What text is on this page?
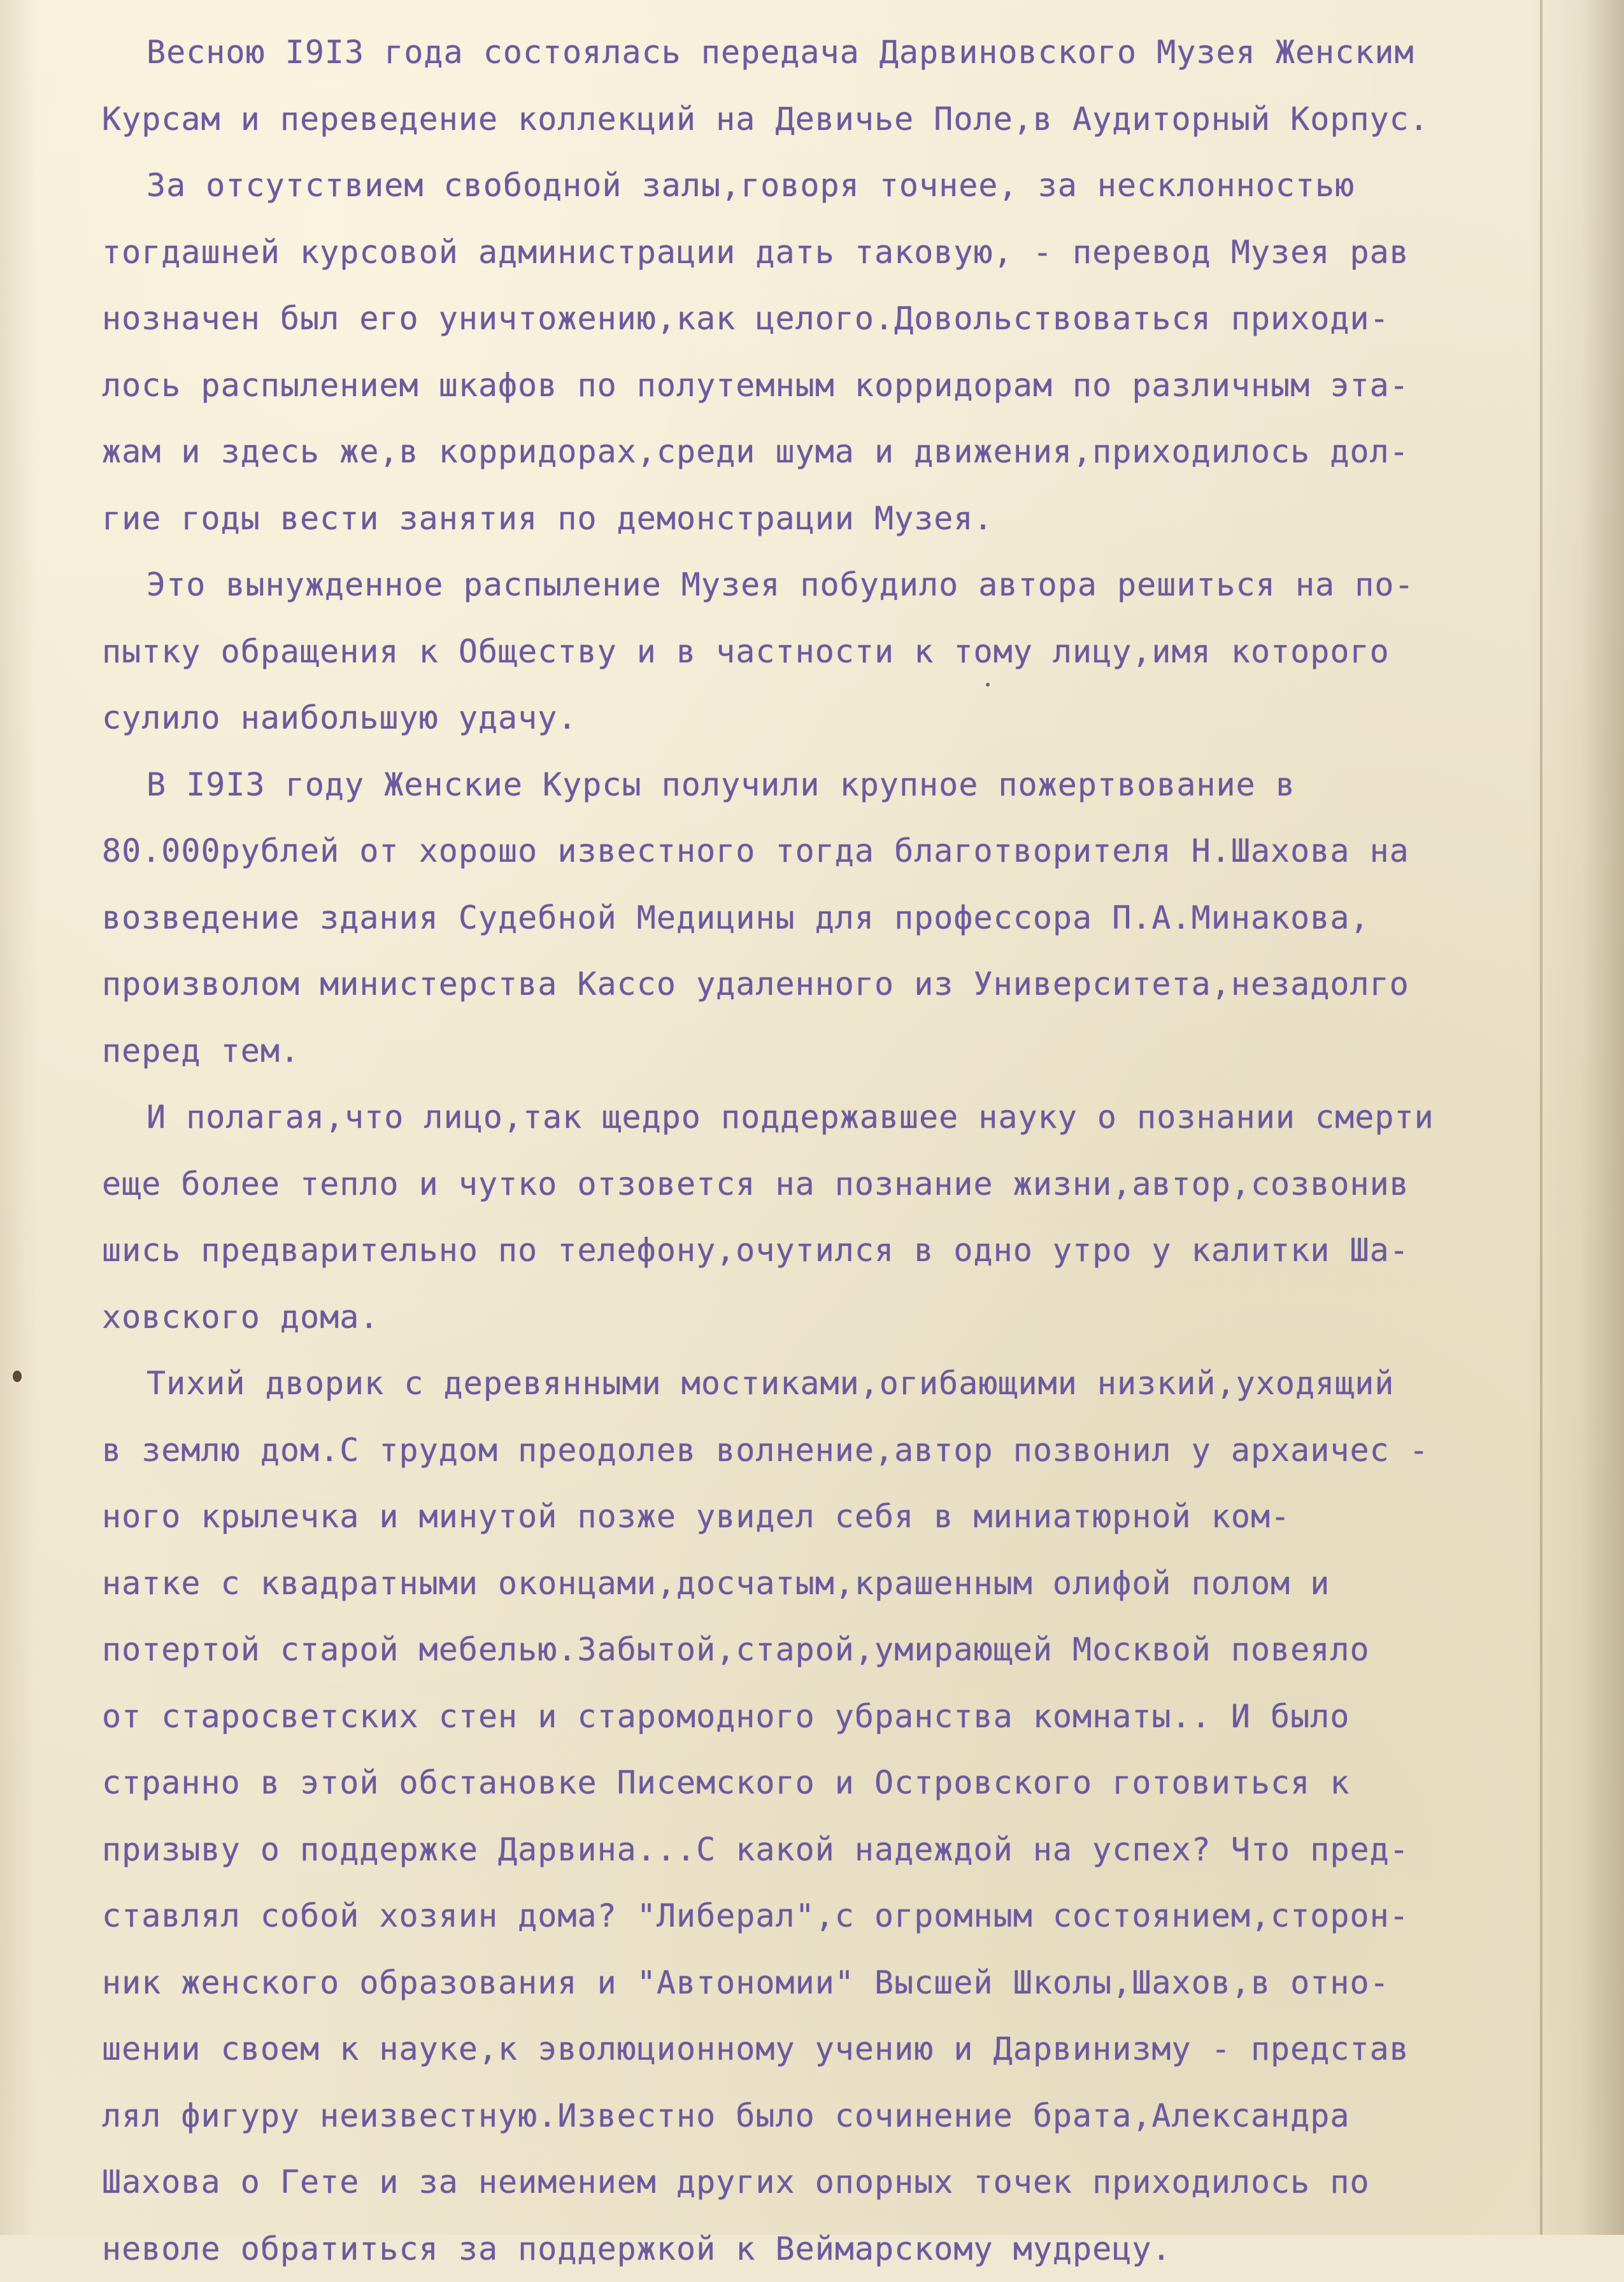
Весною I9I3 года состоялась передача Дарвиновского Музея Женским
Курсам и переведение коллекций на Девичье Поле,в Аудиторный Корпус.
За отсутствием свободной залы,говоря точнее, за несклонностью
тогдашней курсовой администрации дать таковую, - перевод Музея рав
нозначен был его уничтожению,как целого.Довольствоваться приходи-
лось распылением шкафов по полутемным корридорам по различным эта-
жам и здесь же,в корридорах,среди шума и движения,приходилось дол-
гие годы вести занятия по демонстрации Музея.
Это вынужденное распыление Музея побудило автора решиться на по-
пытку обращения к Обществу и в частности к тому лицу,имя которого
сулило наибольшую удачу.
В I9I3 году Женские Курсы получили крупное пожертвование в
80.000рублей от хорошо известного тогда благотворителя Н.Шахова на
возведение здания Судебной Медицины для профессора П.А.Минакова,
произволом министерства Кассо удаленного из Университета,незадолго
перед тем.
И полагая,что лицо,так щедро поддержавшее науку о познании смерти
еще более тепло и чутко отзовется на познание жизни,автор,созвонив
шись предварительно по телефону,очутился в одно утро у калитки Ша-
ховского дома.
Тихий дворик с деревянными мостиками,огибающими низкий,уходящий
в землю дом.С трудом преодолев волнение,автор позвонил у архаичес -
ного крылечка и минутой позже увидел себя в миниатюрной ком-
натке с квадратными оконцами,досчатым,крашенным олифой полом и
потертой старой мебелью.Забытой,старой,умирающей Москвой повеяло
от старосветских стен и старомодного убранства комнаты.. И было
странно в этой обстановке Писемского и Островского готовиться к
призыву о поддержке Дарвина...С какой надеждой на успех? Что пред-
ставлял собой хозяин дома? "Либерал",с огромным состоянием,сторон-
ник женского образования и "Автономии" Высшей Школы,Шахов,в отно-
шении своем к науке,к эволюционному учению и Дарвинизму - представ
лял фигуру неизвестную.Известно было сочинение брата,Александра
Шахова о Гете и за неимением других опорных точек приходилось по
неволе обратиться за поддержкой к Веймарскому мудрецу.
